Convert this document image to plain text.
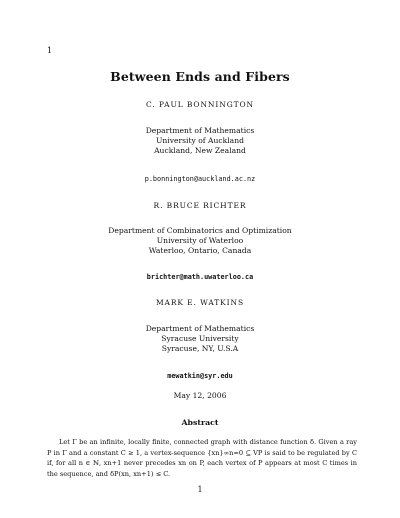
1
Between Ends and Fibers
C. PAUL BONNINGTON
Department of Mathematics
University of Auckland
Auckland, New Zealand
p.bonnington@auckland.ac.nz
R. BRUCE RICHTER
Department of Combinatorics and Optimization
University of Waterloo
Waterloo, Ontario, Canada
brichter@math.uwaterloo.ca
MARK E. WATKINS
Department of Mathematics
Syracuse University
Syracuse, NY, U.S.A
mewatkin@syr.edu
May 12, 2006
Abstract
Let Γ be an infinite, locally finite, connected graph with distance function δ. Given a ray P in Γ and a constant C ≥ 1, a vertex-sequence {xn}∞n=0 ⊆ VP is said to be regulated by C if, for all n ∈ ℕ, xn+1 never precedes xn on P, each vertex of P appears at most C times in the sequence, and δP(xn, xn+1) ≤ C.
1
